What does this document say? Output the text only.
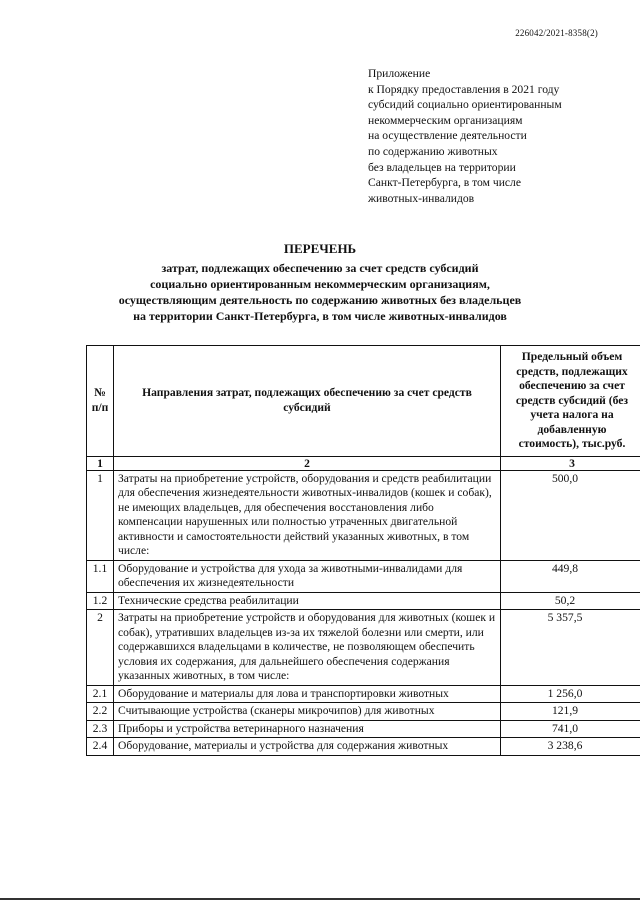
226042/2021-8358(2)
Приложение
к Порядку предоставления в 2021 году
субсидий социально ориентированным
некоммерческим организациям
на осуществление деятельности
по содержанию животных
без владельцев на территории
Санкт-Петербурга, в том числе
животных-инвалидов
ПЕРЕЧЕНЬ
затрат, подлежащих обеспечению за счет средств субсидий
социально ориентированным некоммерческим организациям,
осуществляющим деятельность по содержанию животных без владельцев
на территории Санкт-Петербурга, в том числе животных-инвалидов
№ п/п	Направления затрат, подлежащих обеспечению за счет средств субсидий	Предельный объем средств, подлежащих обеспечению за счет средств субсидий (без учета налога на добавленную стоимость), тыс.руб.
1	2	3
1	Затраты на приобретение устройств, оборудования и средств реабилитации для обеспечения жизнедеятельности животных-инвалидов (кошек и собак), не имеющих владельцев, для обеспечения восстановления либо компенсации нарушенных или полностью утраченных двигательной активности и самостоятельности действий указанных животных, в том числе:	500,0
1.1	Оборудование и устройства для ухода за животными-инвалидами для обеспечения их жизнедеятельности	449,8
1.2	Технические средства реабилитации	50,2
2	Затраты на приобретение устройств и оборудования для животных (кошек и собак), утративших владельцев из-за их тяжелой болезни или смерти, или содержавшихся владельцами в количестве, не позволяющем обеспечить условия их содержания, для дальнейшего обеспечения содержания указанных животных, в том числе:	5 357,5
2.1	Оборудование и материалы для лова и транспортировки животных	1 256,0
2.2	Считывающие устройства (сканеры микрочипов) для животных	121,9
2.3	Приборы и устройства ветеринарного назначения	741,0
2.4	Оборудование, материалы и устройства для содержания животных	3 238,6
